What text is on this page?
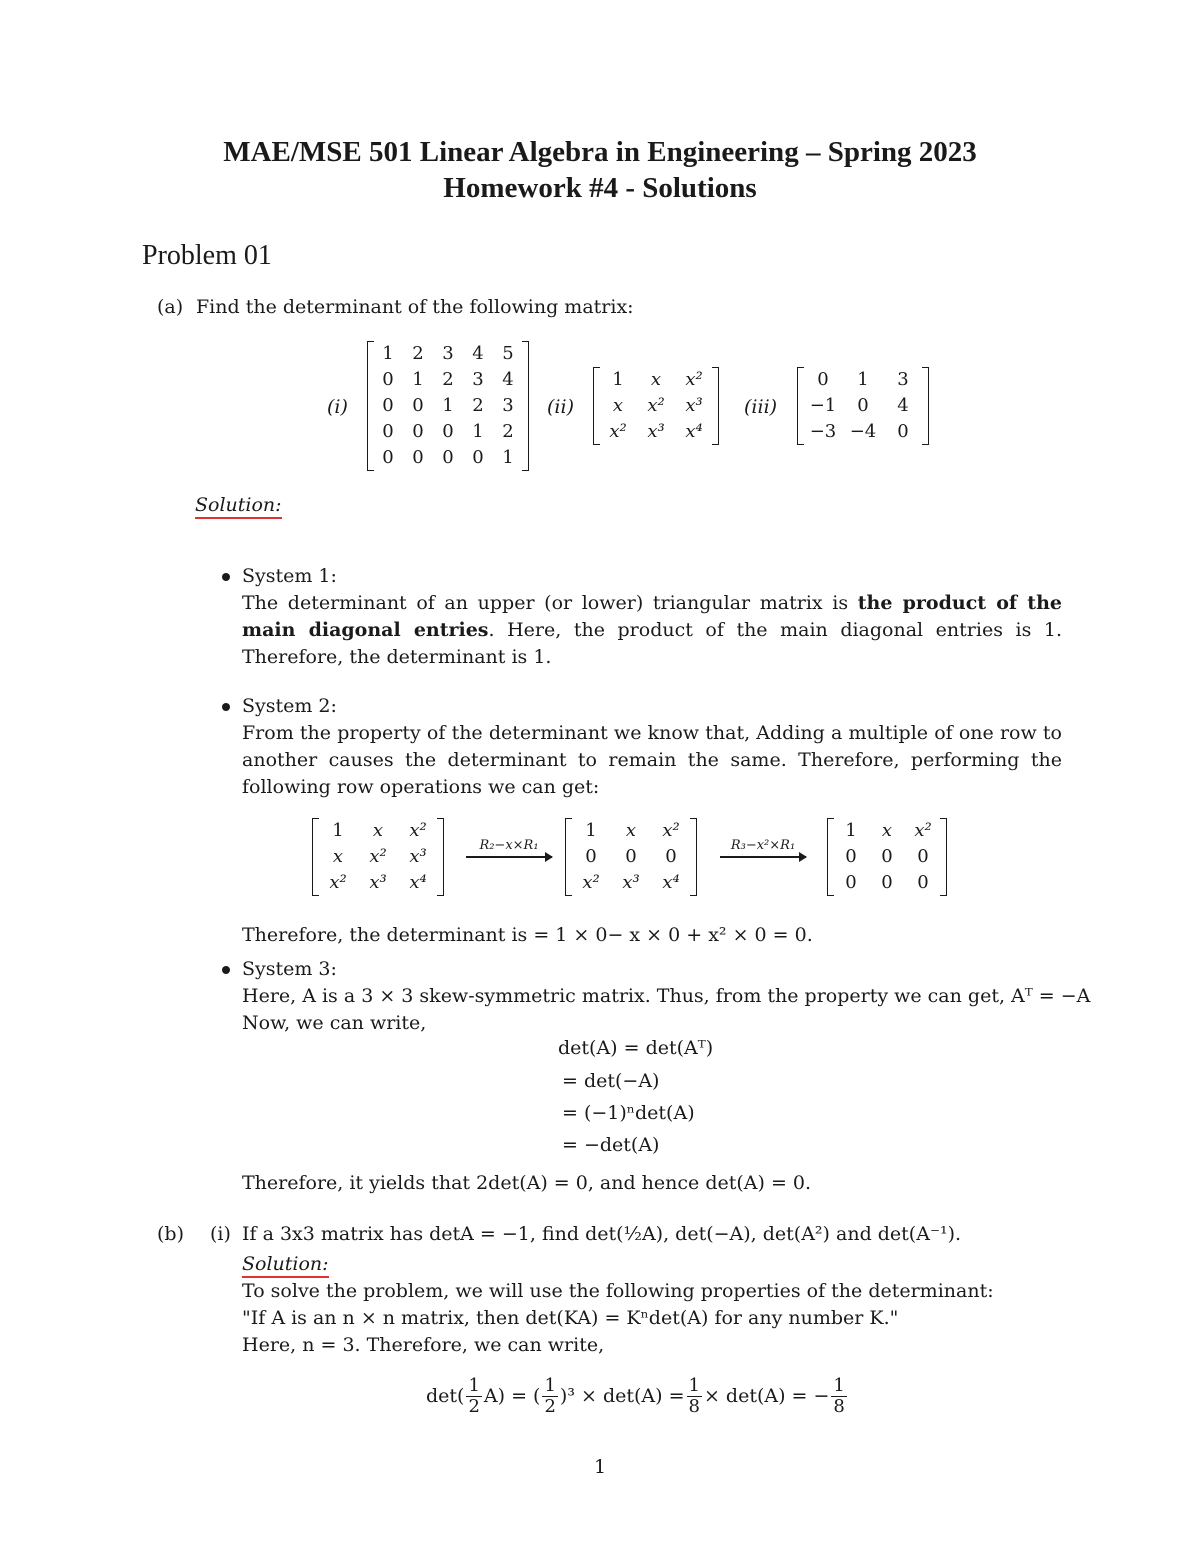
MAE/MSE 501 Linear Algebra in Engineering – Spring 2023
Homework #4 - Solutions
Problem 01
(a) Find the determinant of the following matrix:
(i)
1 2 3 4 5
0 1 2 3 4
0 0 1 2 3
0 0 0 1 2
0 0 0 0 1
(ii)
1	x	x²
x	x² x³
x² x³ x⁴
(iii)
0	1	3
−1	0	4
−3 −4	0
Solution:
System 1:
The determinant of an upper (or lower) triangular matrix is the product of the main diagonal entries. Here, the product of the main diagonal entries is 1. Therefore, the determinant is 1.
System 2:
From the property of the determinant we know that, Adding a multiple of one row to another causes the determinant to remain the same. Therefore, performing the following row operations we can get:
1	x	x²
x	x²	x³
x²	x³	x⁴
R₂−x×R₁
1	x	x²
0	0	0
x²	x³	x⁴
R₃−x²×R₁
1	x	x²
0	0	0
0	0	0
Therefore, the determinant is = 1 × 0− x × 0 + x² × 0 = 0.
System 3:
Here, A is a 3 × 3 skew-symmetric matrix. Thus, from the property we can get, Aᵀ = −A
Now, we can write,
det(A) = det(Aᵀ)
= det(−A)
= (−1)ⁿdet(A)
= −det(A)
Therefore, it yields that 2det(A) = 0, and hence det(A) = 0.
(b) (i) If a 3x3 matrix has detA = −1, find det(½A), det(−A), det(A²) and det(A⁻¹).
Solution:
To solve the problem, we will use the following properties of the determinant:
"If A is an n × n matrix, then det(KA) = Kⁿdet(A) for any number K."
Here, n = 3. Therefore, we can write,
$\det( \frac{1}{2} A)$ = ( $\frac{1}{2} )^3 \times \det(A) = \frac{1}{8} \times \det(A)$ = − $\frac{1}{8}$
1
